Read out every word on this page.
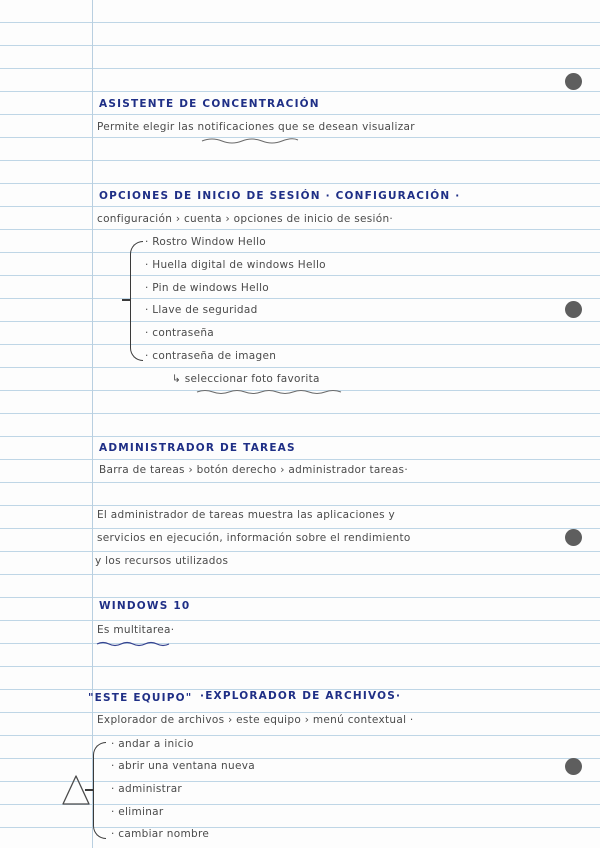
ASISTENTE DE CONCENTRACIÓN
Permite elegir las notificaciones que se desean visualizar
OPCIONES DE INICIO DE SESIÓN · CONFIGURACIÓN ·
configuración › cuenta › opciones de inicio de sesión·
· Rostro Window Hello
· Huella digital de windows Hello
· Pin de windows Hello
· Llave de seguridad
· contraseña
· contraseña de imagen
↳ seleccionar foto favorita
ADMINISTRADOR DE TAREAS
Barra de tareas › botón derecho › administrador tareas·
El administrador de tareas muestra las aplicaciones y
servicios en ejecución, información sobre el rendimiento
y los recursos utilizados
WINDOWS 10
Es multitarea·
"ESTE EQUIPO" ·EXPLORADOR DE ARCHIVOS·
Explorador de archivos › este equipo › menú contextual ·
· andar a inicio
· abrir una ventana nueva
· administrar
· eliminar
· cambiar nombre
